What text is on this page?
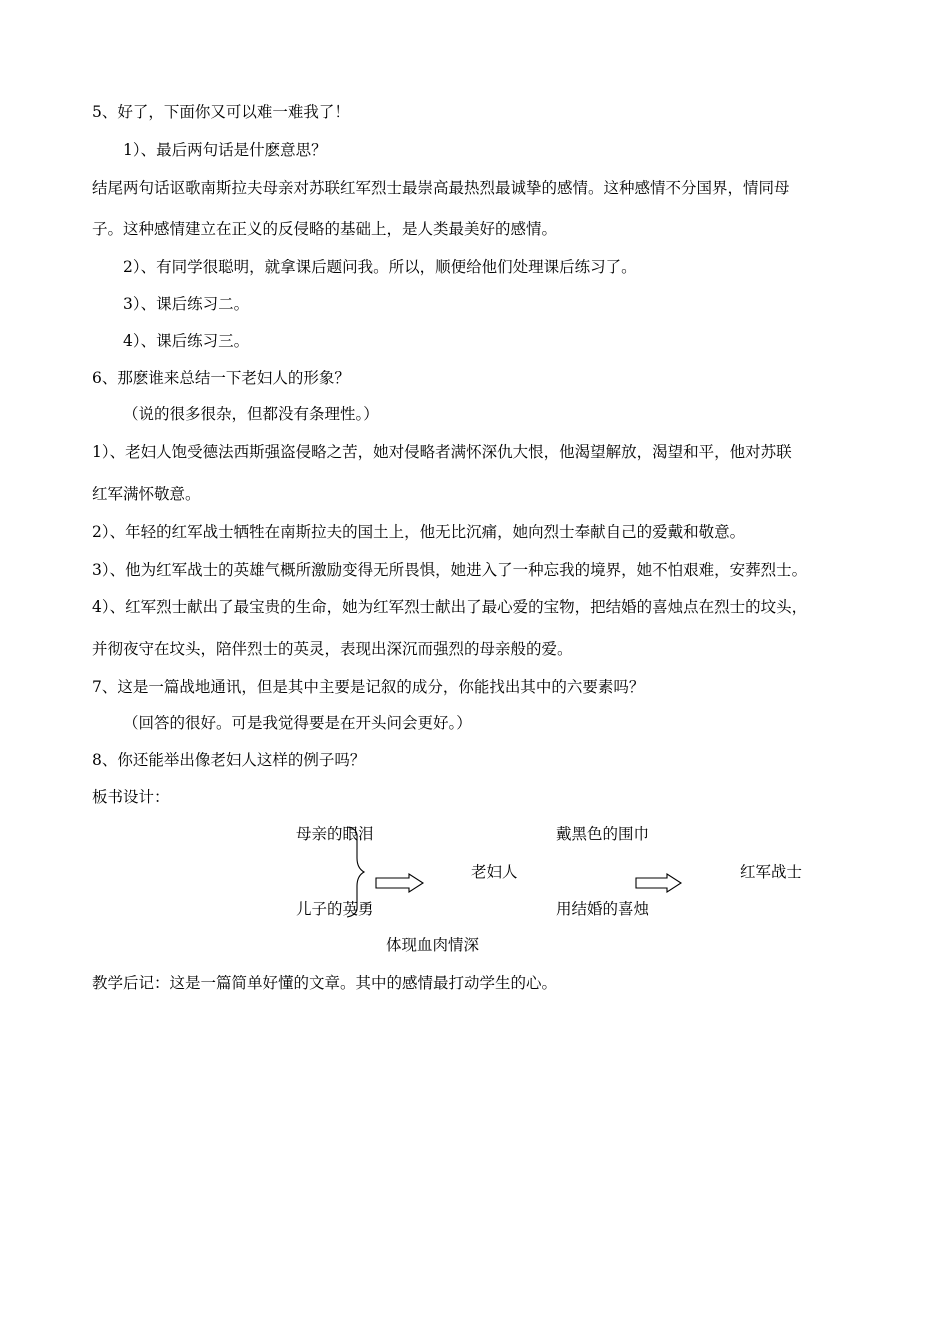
5、好了，下面你又可以难一难我了！
1）、最后两句话是什麽意思？
结尾两句话讴歌南斯拉夫母亲对苏联红军烈士最崇高最热烈最诚挚的感情。这种感情不分国界，情同母
子。这种感情建立在正义的反侵略的基础上，是人类最美好的感情。
2）、有同学很聪明，就拿课后题问我。所以，顺便给他们处理课后练习了。
3）、课后练习二。
4）、课后练习三。
6、那麽谁来总结一下老妇人的形象？
（说的很多很杂，但都没有条理性。）
1）、老妇人饱受德法西斯强盗侵略之苦，她对侵略者满怀深仇大恨，他渴望解放，渴望和平，他对苏联
红军满怀敬意。
2）、年轻的红军战士牺牲在南斯拉夫的国土上，他无比沉痛，她向烈士奉献自己的爱戴和敬意。
3）、他为红军战士的英雄气概所激励变得无所畏惧，她进入了一种忘我的境界，她不怕艰难，安葬烈士。
4）、红军烈士献出了最宝贵的生命，她为红军烈士献出了最心爱的宝物，把结婚的喜烛点在烈士的坟头，
并彻夜守在坟头，陪伴烈士的英灵，表现出深沉而强烈的母亲般的爱。
7、这是一篇战地通讯，但是其中主要是记叙的成分，你能找出其中的六要素吗？
（回答的很好。可是我觉得要是在开头问会更好。）
8、你还能举出像老妇人这样的例子吗？
板书设计：
母亲的眼泪
儿子的英勇
老妇人
戴黑色的围巾
用结婚的喜烛
红军战士
体现血肉情深
教学后记：这是一篇简单好懂的文章。其中的感情最打动学生的心。
